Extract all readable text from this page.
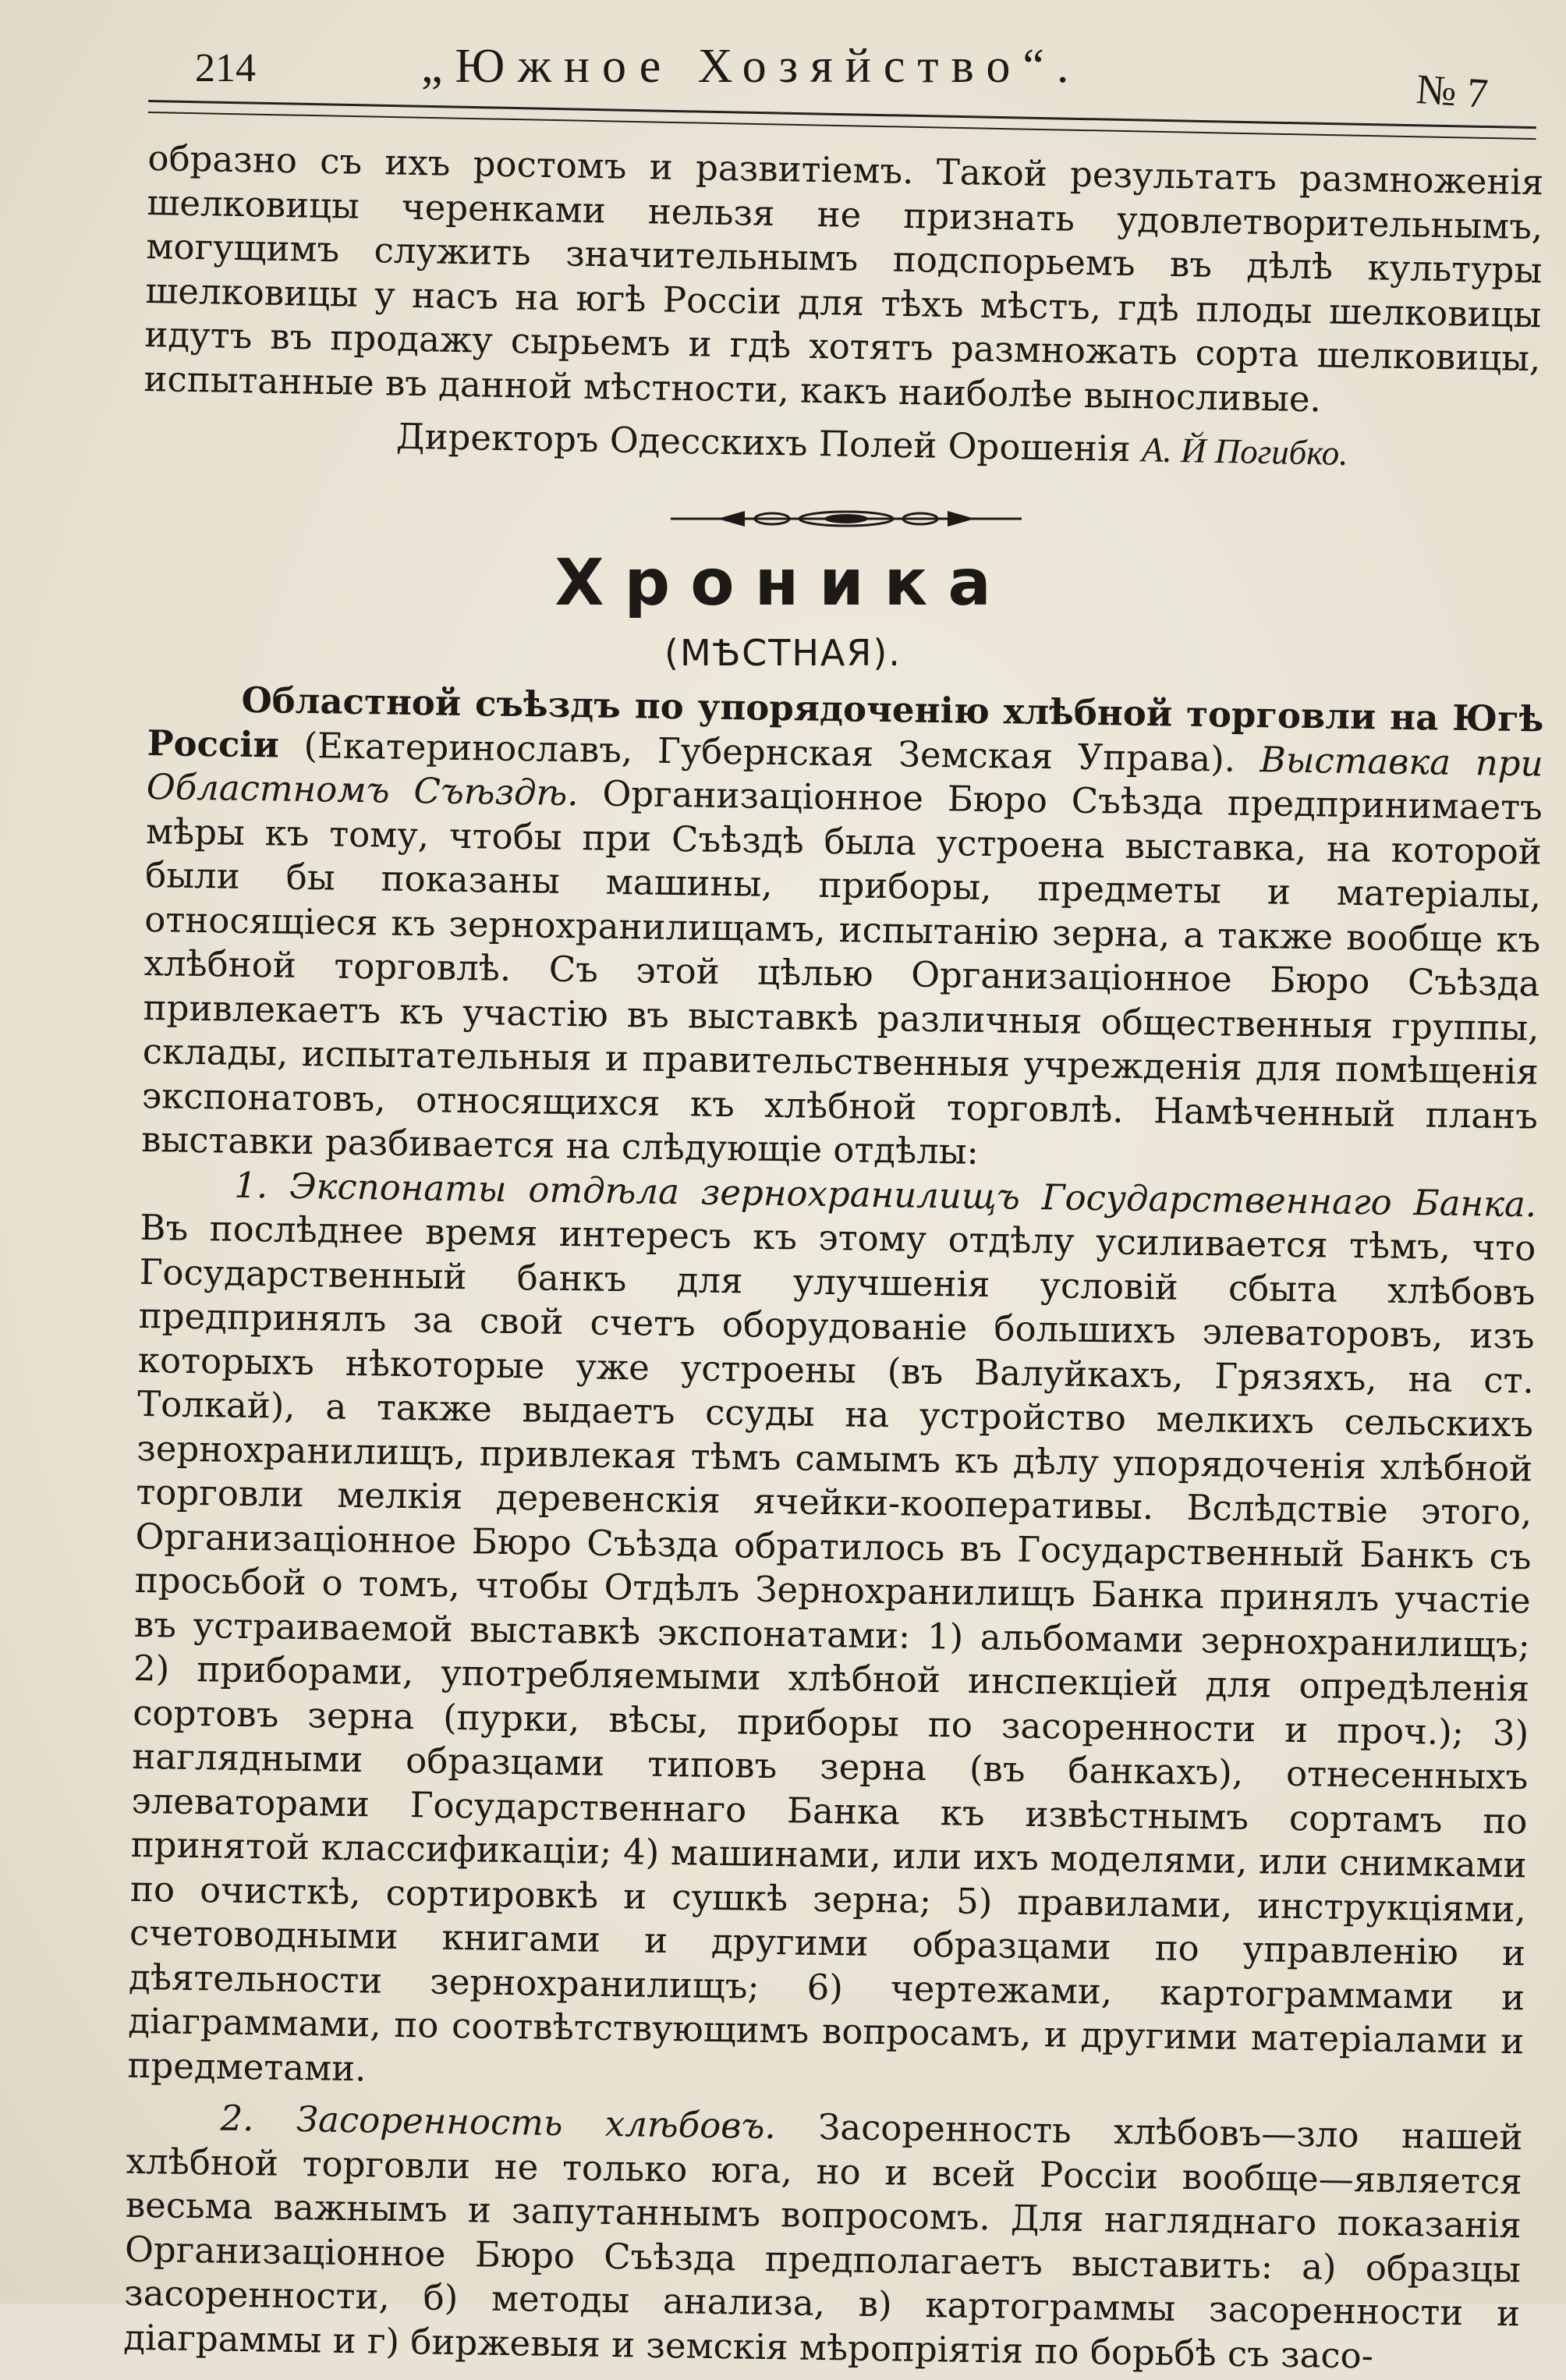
214	„Южное Хозяйство“.	№ 7

образно съ ихъ ростомъ и развитіемъ. Такой результатъ размноженія шелковицы черенками нельзя не признать удовлетворительнымъ, могущимъ служить значительнымъ подспорьемъ въ дѣлѣ культуры шелковицы у насъ на югѣ Россіи для тѣхъ мѣстъ, гдѣ плоды шелковицы идутъ въ продажу сырьемъ и гдѣ хотятъ размножать сорта шелковицы, испытанные въ данной мѣстности, какъ наиболѣе выносливые.

Директоръ Одесскихъ Полей Орошенія А. Й Погибко.

Хроника
(МѢСТНАЯ).

Областной съѣздъ по упорядоченію хлѣбной торговли на Югѣ Россіи (Екатеринославъ, Губернская Земская Управа). Выставка при Областномъ Съѣздѣ. Организаціонное Бюро Съѣзда предпринимаетъ мѣры къ тому, чтобы при Съѣздѣ была устроена выставка, на которой были бы показаны машины, приборы, предметы и матеріалы, относящіеся къ зернохранилищамъ, испытанію зерна, а также вообще къ хлѣбной торговлѣ. Съ этой цѣлью Организаціонное Бюро Съѣзда привлекаетъ къ участію въ выставкѣ различныя общественныя группы, склады, испытательныя и правительственныя учрежденія для помѣщенія экспонатовъ, относящихся къ хлѣбной торговлѣ. Намѣченный планъ выставки разбивается на слѣдующіе отдѣлы:

1. Экспонаты отдѣла зернохранилищъ Государственнаго Банка. Въ послѣднее время интересъ къ этому отдѣлу усиливается тѣмъ, что Государственный банкъ для улучшенія условій сбыта хлѣбовъ предпринялъ за свой счетъ оборудованіе большихъ элеваторовъ, изъ которыхъ нѣкоторые уже устроены (въ Валуйкахъ, Грязяхъ, на ст. Толкай), а также выдаетъ ссуды на устройство мелкихъ сельскихъ зернохранилищъ, привлекая тѣмъ самымъ къ дѣлу упорядоченія хлѣбной торговли мелкія деревенскія ячейки-кооперативы. Вслѣдствіе этого, Организаціонное Бюро Съѣзда обратилось въ Государственный Банкъ съ просьбой о томъ, чтобы Отдѣлъ Зернохранилищъ Банка принялъ участіе въ устраиваемой выставкѣ экспонатами: 1) альбомами зернохранилищъ; 2) приборами, употребляемыми хлѣбной инспекціей для опредѣленія сортовъ зерна (пурки, вѣсы, приборы по засоренности и проч.); 3) наглядными образцами типовъ зерна (въ банкахъ), отнесенныхъ элеваторами Государственнаго Банка къ извѣстнымъ сортамъ по принятой классификаціи; 4) машинами, или ихъ моделями, или снимками по очисткѣ, сортировкѣ и сушкѣ зерна; 5) правилами, инструкціями, счетоводными книгами и другими образцами по управленію и дѣятельности зернохранилищъ; 6) чертежами, картограммами и діаграммами, по соотвѣтствующимъ вопросамъ, и другими матеріалами и предметами.

2. Засоренность хлѣбовъ. Засоренность хлѣбовъ—зло нашей хлѣбной торговли не только юга, но и всей Россіи вообще—является весьма важнымъ и запутаннымъ вопросомъ. Для нагляднаго показанія Организаціонное Бюро Съѣзда предполагаетъ выставить: а) образцы засоренности, б) методы анализа, в) картограммы засоренности и діаграммы и г) биржевыя и земскія мѣропріятія по борьбѣ съ засо-
